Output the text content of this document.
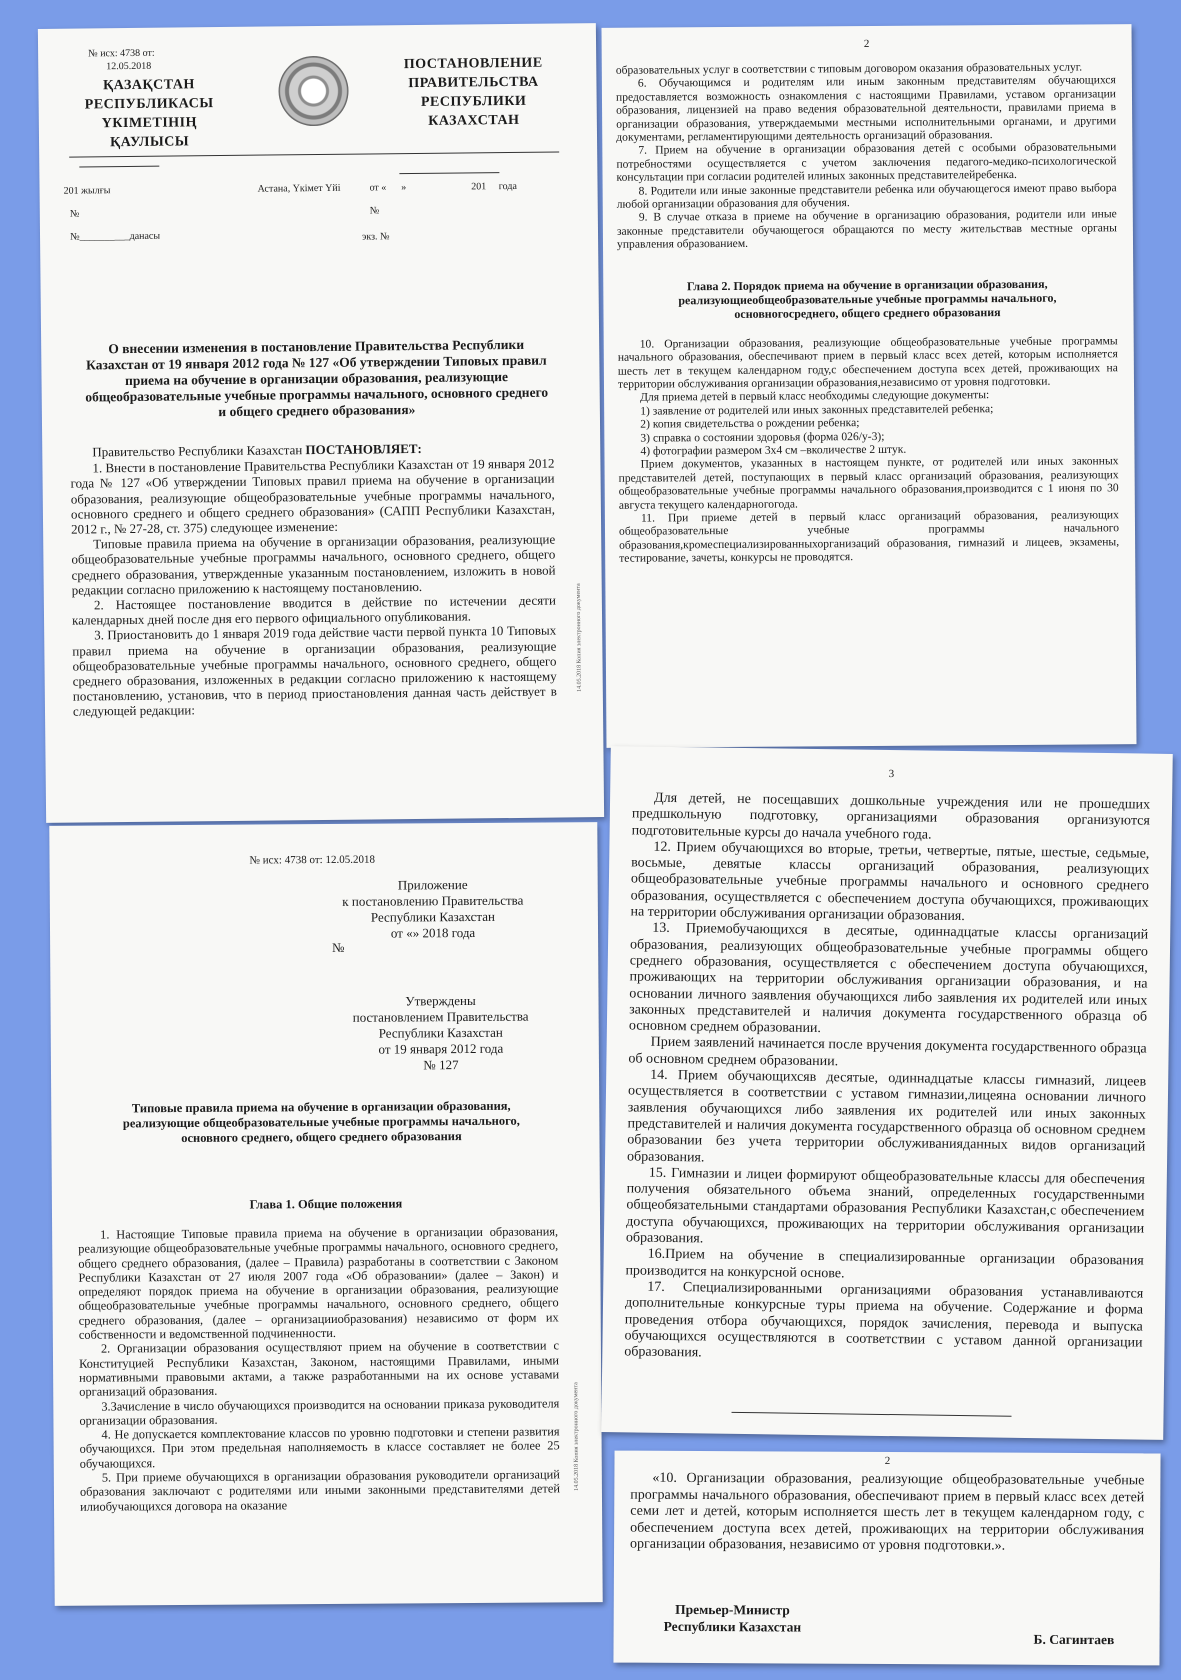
№ исх: 4738 от:
12.05.2018
ҚАЗАҚСТАН
РЕСПУБЛИКАСЫ
ҮКІМЕТІНІҢ
ҚАУЛЫСЫ
ПОСТАНОВЛЕНИЕ
ПРАВИТЕЛЬСТВА
РЕСПУБЛИКИ
КАЗАХСТАН
201 жылғы	Астана, Үкімет Үйі	от «      »                          201     года
№	№
№__________данасы	экз. №
О внесении изменения в постановление Правительства Республики Казахстан от 19 января 2012 года № 127 «Об утверждении Типовых правил приема на обучение в организации образования, реализующие общеобразовательные учебные программы начального, основного среднего и общего среднего образования»

Правительство Республики Казахстан ПОСТАНОВЛЯЕТ:

1. Внести в постановление Правительства Республики Казахстан от 19 января 2012 года № 127 «Об утверждении Типовых правил приема на обучение в организации образования, реализующие общеобразовательные учебные программы начального, основного среднего и общего среднего образования» (САПП Республики Казахстан, 2012 г., № 27-28, ст. 375) следующее изменение:

Типовые правила приема на обучение в организации образования, реализующие общеобразовательные учебные программы начального, основного среднего, общего среднего образования, утвержденные указанным постановлением, изложить в новой редакции согласно приложению к настоящему постановлению.

2. Настоящее постановление вводится в действие по истечении десяти календарных дней после дня его первого официального опубликования.

3. Приостановить до 1 января 2019 года действие части первой пункта 10 Типовых правил приема на обучение в организации образования, реализующие общеобразовательные учебные программы начального, основного среднего, общего среднего образования, изложенных в редакции согласно приложению к настоящему постановлению, установив, что в период приостановления данная часть действует в следующей редакции:

14.05.2018 Копия электронного документа
2

образовательных услуг в соответствии с типовым договором оказания образовательных услуг.

6. Обучающимся и родителям или иным законным представителям обучающихся предоставляется возможность ознакомления с настоящими Правилами, уставом организации образования, лицензией на право ведения образовательной деятельности, правилами приема в организации образования, утверждаемыми местными исполнительными органами, и другими документами, регламентирующими деятельность организаций образования.

7. Прием на обучение в организации образования детей с особыми образовательными потребностями осуществляется с учетом заключения педагого-медико-психологической консультации при согласии родителей илиных законных представителейребенка.

8. Родители или иные законные представители ребенка или обучающегося имеют право выбора любой организации образования для обучения.

9. В случае отказа в приеме на обучение в организацию образования, родители или иные законные представители обучающегося обращаются по месту жительствав местные органы управления образованием.

Глава 2. Порядок приема на обучение в организации образования, реализующиеобщеобразовательные учебные программы начального, основногосреднего, общего среднего образования

10. Организации образования, реализующие общеобразовательные учебные программы начального образования, обеспечивают прием в первый класс всех детей, которым исполняется шесть лет в текущем календарном году,с обеспечением доступа всех детей, проживающих на территории обслуживания организации образования,независимо от уровня подготовки.

Для приема детей в первый класс необходимы следующие документы:

1) заявление от родителей или иных законных представителей ребенка;

2) копия свидетельства о рождении ребенка;

3) справка о состоянии здоровья (форма 026/у-3);

4) фотографии размером 3х4 см –вколичестве 2 штук.

Прием документов, указанных в настоящем пункте, от родителей или иных законных представителей детей, поступающих в первый класс организаций образования, реализующих общеобразовательные учебные программы начального образования,производится с 1 июня по 30 августа текущего календарногогода.

11. При приеме детей в первый класс организаций образования, реализующих общеобразовательные учебные программы начального образования,кромеспециализированныхорганизаций образования, гимназий и лицеев, экзамены, тестирование, зачеты, конкурсы не проводятся.

№ исх: 4738 от: 12.05.2018
Приложение
к постановлению Правительства
Республики Казахстан
от «» 2018 года
№
Утверждены
постановлением Правительства
Республики Казахстан
от 19 января 2012 года
№ 127
Типовые правила приема на обучение в организации образования, реализующие общеобразовательные учебные программы начального, основного среднего, общего среднего образования
Глава 1. Общие положения

1. Настоящие Типовые правила приема на обучение в организации образования, реализующие общеобразовательные учебные программы начального, основного среднего, общего среднего образования, (далее – Правила) разработаны в соответствии с Законом Республики Казахстан от 27 июля 2007 года «Об образовании» (далее – Закон) и определяют порядок приема на обучение в организации образования, реализующие общеобразовательные учебные программы начального, основного среднего, общего среднего образования, (далее – организацииобразования) независимо от форм их собственности и ведомственной подчиненности.

2. Организации образования осуществляют прием на обучение в соответствии с Конституцией Республики Казахстан, Законом, настоящими Правилами, иными нормативными правовыми актами, а также разработанными на их основе уставами организаций образования.

3.Зачисление в число обучающихся производится на основании приказа руководителя организации образования.

4. Не допускается комплектование классов по уровню подготовки и степени развития обучающихся. При этом предельная наполняемость в классе составляет не более 25 обучающихся.

5. При приеме обучающихся в организации образования руководители организаций образования заключают с родителями или иными законными представителями детей илиобучающихся договора на оказание

14.05.2018 Копия электронного документа
3

Для детей, не посещавших дошкольные учреждения или не прошедших предшкольную подготовку, организациями образования организуются подготовительные курсы до начала учебного года.

12. Прием обучающихся во вторые, третьи, четвертые, пятые, шестые, седьмые, восьмые, девятые классы организаций образования, реализующих общеобразовательные учебные программы начального и основного среднего образования, осуществляется с обеспечением доступа обучающихся, проживающих на территории обслуживания организации образования.

13. Приемобучающихся в десятые, одиннадцатые классы организаций образования, реализующих общеобразовательные учебные программы общего среднего образования, осуществляется с обеспечением доступа обучающихся, проживающих на территории обслуживания организации образования, и на основании личного заявления обучающихся либо заявления их родителей или иных законных представителей и наличия документа государственного образца об основном среднем образовании.

Прием заявлений начинается после вручения документа государственного образца об основном среднем образовании.

14. Прием обучающихсяв десятые, одиннадцатые классы гимназий, лицеев осуществляется в соответствии с уставом гимназии,лицеяна основании личного заявления обучающихся либо заявления их родителей или иных законных представителей и наличия документа государственного образца об основном среднем образовании без учета территории обслуживанияданных видов организаций образования.

15. Гимназии и лицеи формируют общеобразовательные классы для обеспечения получения обязательного объема знаний, определенных государственными общеобязательными стандартами образования Республики Казахстан,с обеспечением доступа обучающихся, проживающих на территории обслуживания организации образования.

16.Прием на обучение в специализированные организации образования производится на конкурсной основе.

17. Специализированными организациями образования устанавливаются дополнительные конкурсные туры приема на обучение. Содержание и форма проведения отбора обучающихся, порядок зачисления, перевода и выпуска обучающихся осуществляются в соответствии с уставом данной организации образования.

2

«10. Организации образования, реализующие общеобразовательные учебные программы начального образования, обеспечивают прием в первый класс всех детей семи лет и детей, которым исполняется шесть лет в текущем календарном году, с обеспечением доступа всех детей, проживающих на территории обслуживания организации образования, независимо от уровня подготовки.».

Премьер-Министр
Республики Казахстан
Б. Сагинтаев
